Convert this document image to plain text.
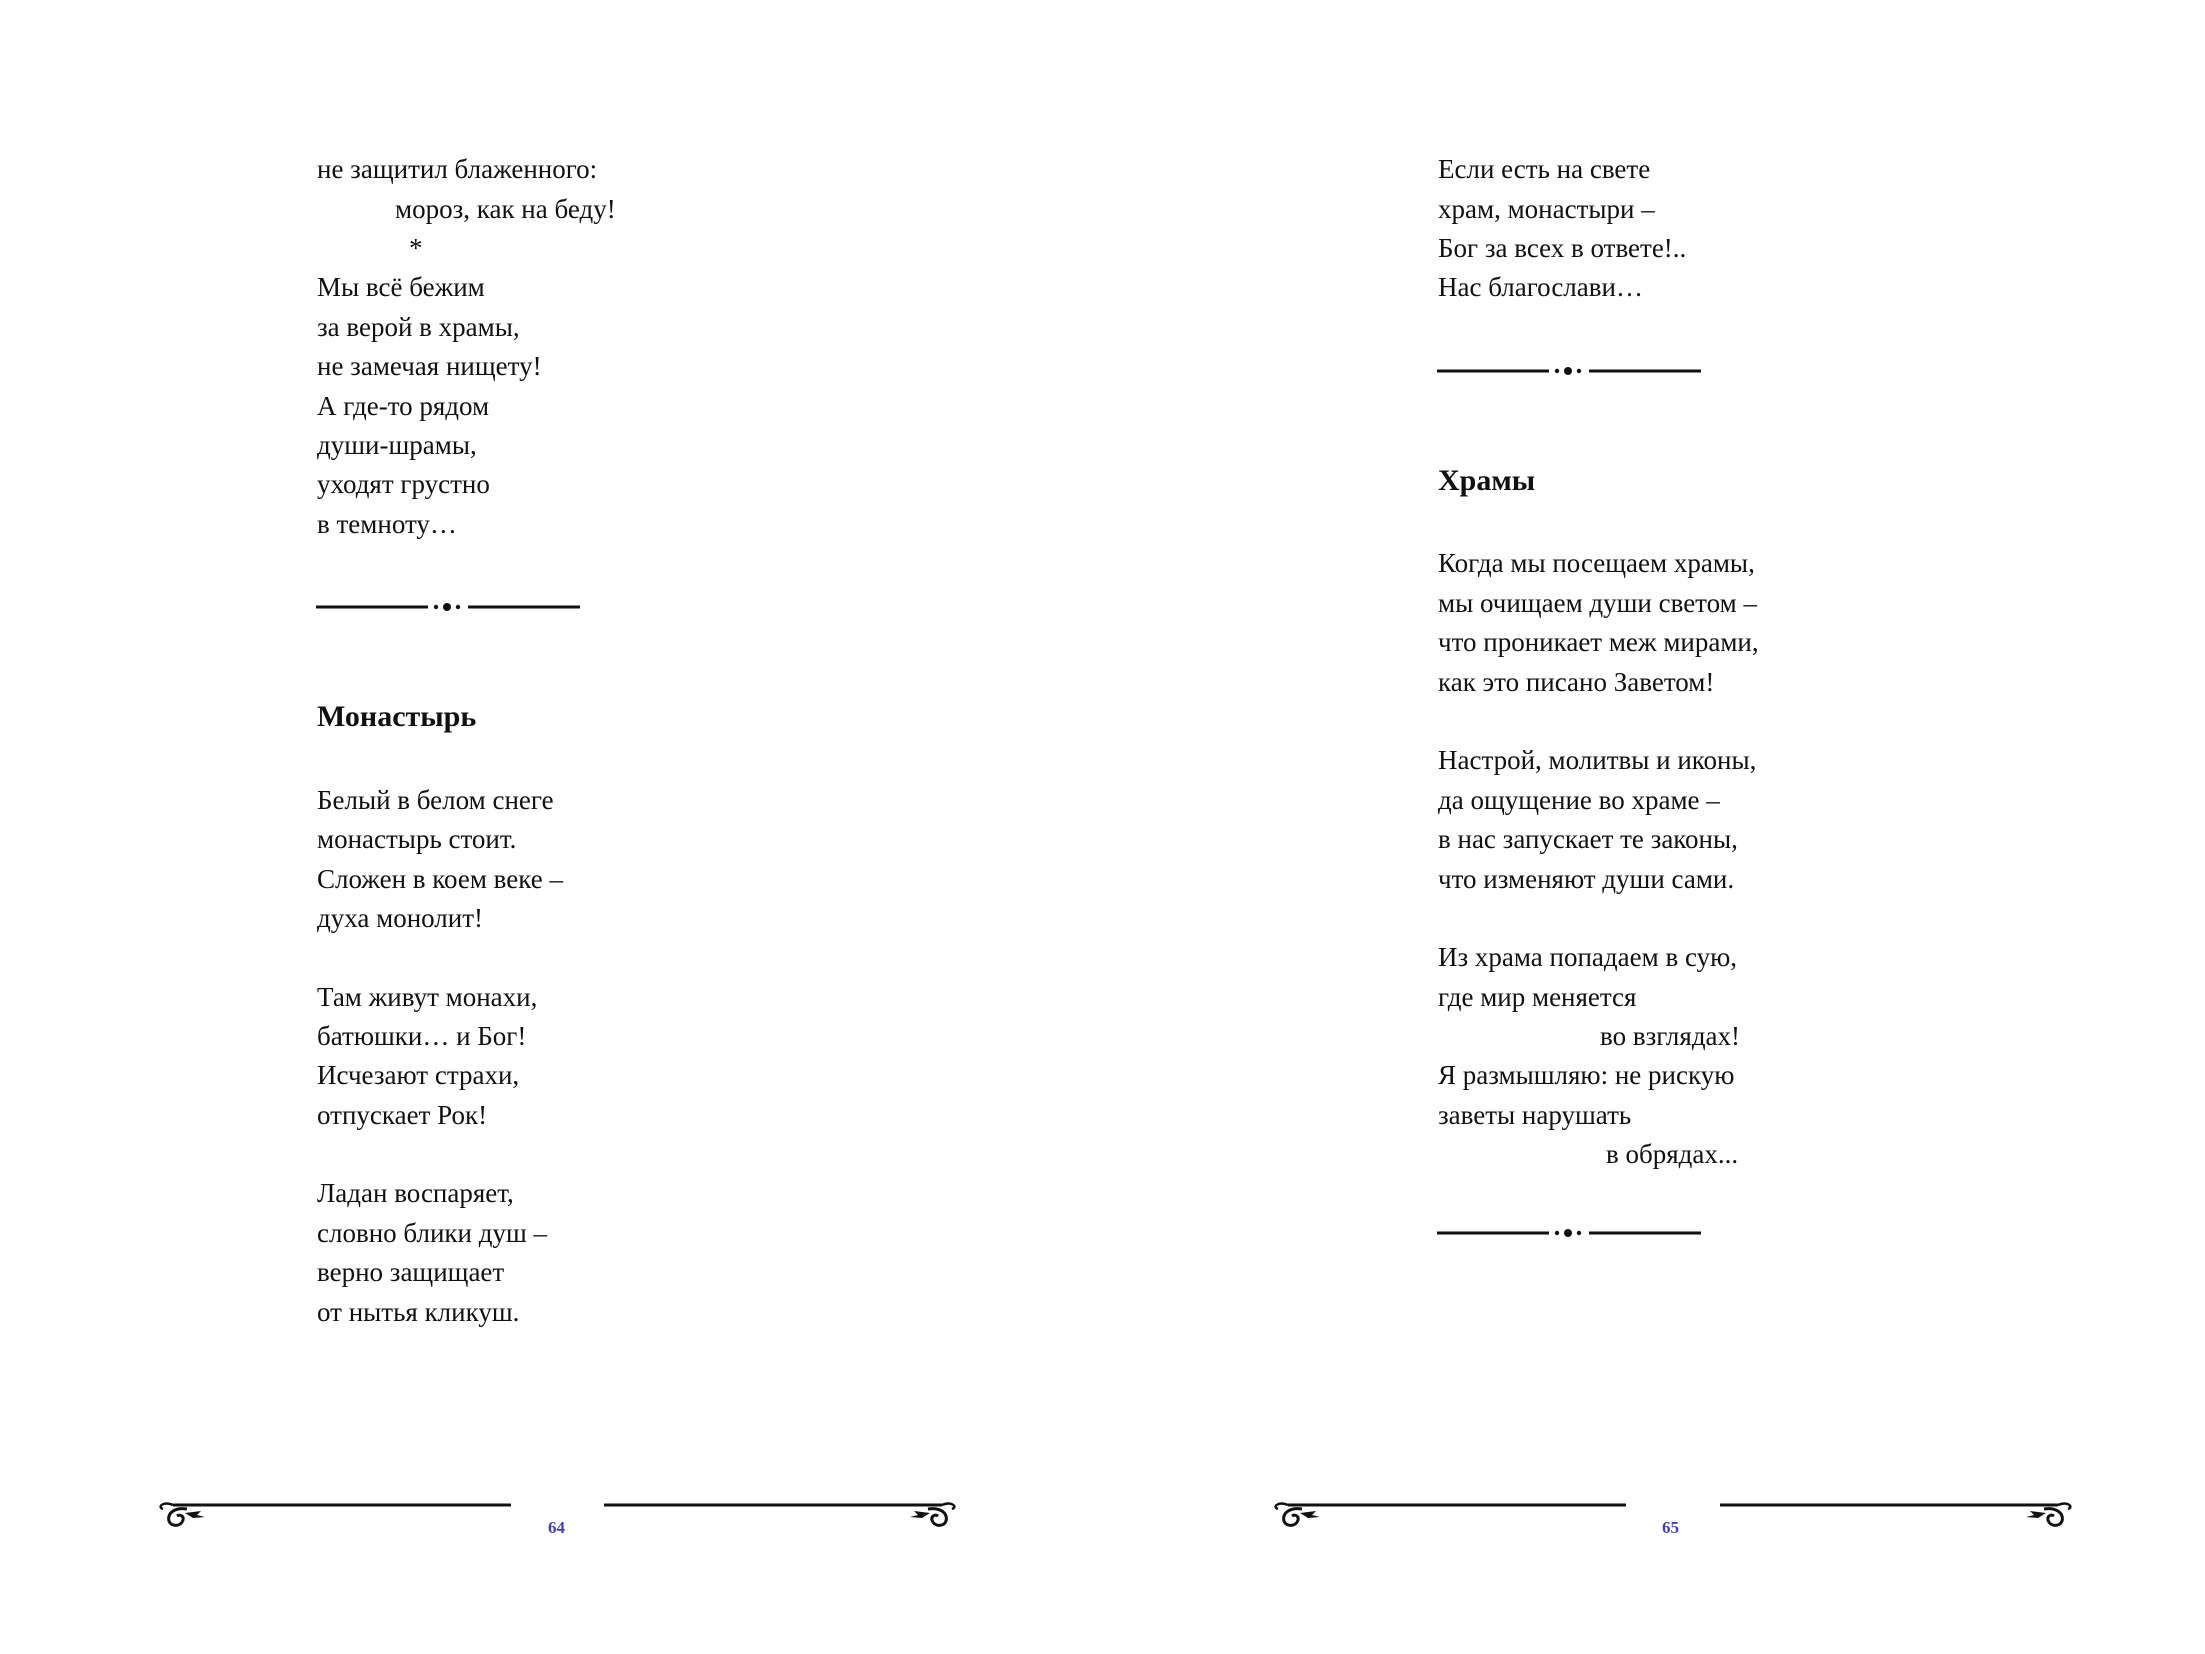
не защитил блаженного:
мороз, как на беду!
*
Мы всё бежим
за верой в храмы,
не замечая нищету!
А где-то рядом
души-шрамы,
уходят грустно
в темноту…
Монастырь
Белый в белом снеге
монастырь стоит.
Сложен в коем веке –
духа монолит!
Там живут монахи,
батюшки… и Бог!
Исчезают страхи,
отпускает Рок!
Ладан воспаряет,
словно блики душ –
верно защищает
от нытья кликуш.
64
Если есть на свете
храм, монастыри –
Бог за всех в ответе!..
Нас благослави…
Храмы
Когда мы посещаем храмы,
мы очищаем души светом –
что проникает меж мирами,
как это писано Заветом!
Настрой, молитвы и иконы,
да ощущение во храме –
в нас запускает те законы,
что изменяют души сами.
Из храма попадаем в сую,
где мир меняется
во взглядах!
Я размышляю: не рискую
заветы нарушать
в обрядах...
65
